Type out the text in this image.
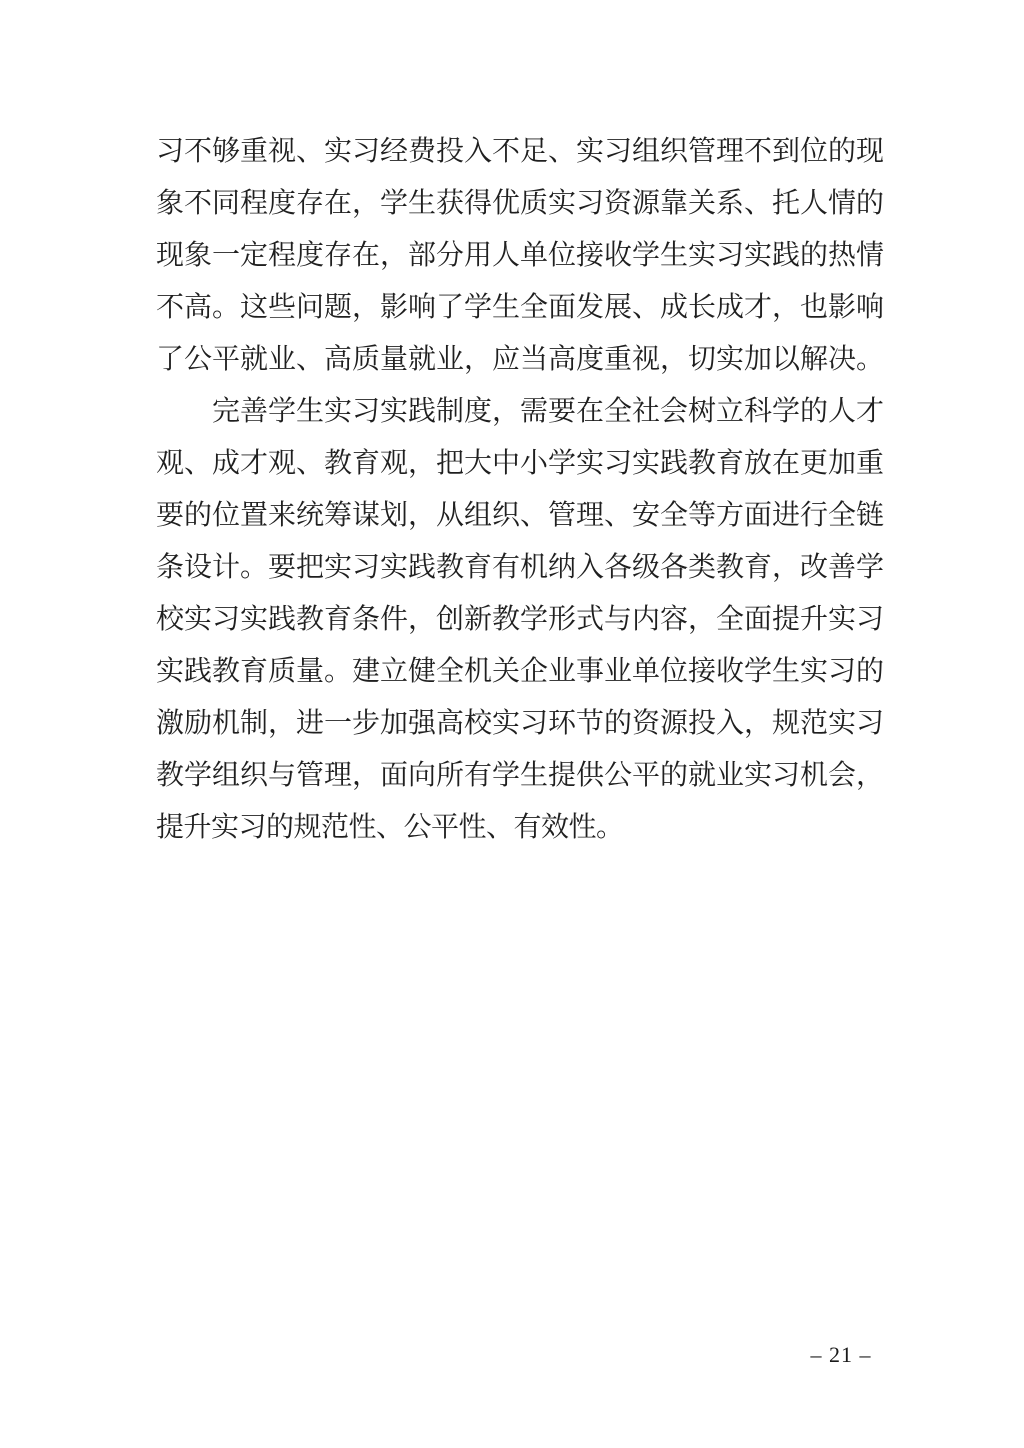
习不够重视、实习经费投入不足、实习组织管理不到位的现
象不同程度存在，学生获得优质实习资源靠关系、托人情的
现象一定程度存在，部分用人单位接收学生实习实践的热情
不高。这些问题，影响了学生全面发展、成长成才，也影响
了公平就业、高质量就业，应当高度重视，切实加以解决。
完善学生实习实践制度，需要在全社会树立科学的人才
观、成才观、教育观，把大中小学实习实践教育放在更加重
要的位置来统筹谋划，从组织、管理、安全等方面进行全链
条设计。要把实习实践教育有机纳入各级各类教育，改善学
校实习实践教育条件，创新教学形式与内容，全面提升实习
实践教育质量。建立健全机关企业事业单位接收学生实习的
激励机制，进一步加强高校实习环节的资源投入，规范实习
教学组织与管理，面向所有学生提供公平的就业实习机会，
提升实习的规范性、公平性、有效性。
– 21 –
